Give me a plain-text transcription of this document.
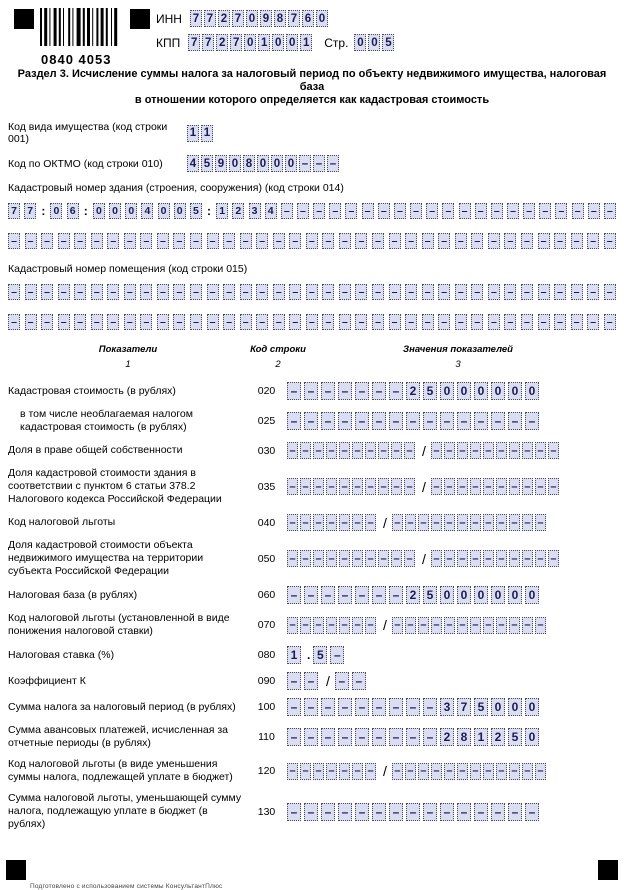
0840 4053
ИНН 7 7 2 7 0 9 8 7 6 0
КПП 7 7 2 7 0 1 0 0 1 Стр. 0 0 5
Раздел 3. Исчисление суммы налога за налоговый период по объекту недвижимого имущества, налоговая база
в отношении которого определяется как кадастровая стоимость
Код вида имущества (код строки 001)	1 1
Код по ОКТМО (код строки 010)	4 5 9 0 8 0 0 0 – – –
Кадастровый номер здания (строения, сооружения) (код строки 014)
7 7 : 0 6 : 0 0 0 4 0 0 5 : 1 2 3 4 – – – – – – – – – – – – – – – – – – – – –
– – – – – – – – – – – – – – – – – – – – – – – – – – – – – – – – – – – – –
Кадастровый номер помещения (код строки 015)
– – – – – – – – – – – – – – – – – – – – – – – – – – – – – – – – – – – – –
– – – – – – – – – – – – – – – – – – – – – – – – – – – – – – – – – – – – –
Показатели
1
Код строки
2
Значения показателей
3
Кадастровая стоимость (в рублях)	020	– – – – – – – 2 5 0 0 0 0 0 0
в том числе необлагаемая налогом кадастровая стоимость (в рублях)	025	– – – – – – – – – – – – – – –
Доля в праве общей собственности	030	– – – – – – – – – – / – – – – – – – – – –
Доля кадастровой стоимости здания в соответствии с пунктом 6 статьи 378.2 Налогового кодекса Российской Федерации
035	– – – – – – – – – – / – – – – – – – – – –
Код налоговой льготы	040	– – – – – – – / – – – – – – – – – – – –
Доля кадастровой стоимости объекта недвижимого имущества на территории субъекта Российской Федерации
050	– – – – – – – – – – / – – – – – – – – – –
Налоговая база (в рублях)	060	– – – – – – – 2 5 0 0 0 0 0 0
Код налоговой льготы (установленной в виде понижения налоговой ставки)	070	– – – – – – – / – – – – – – – – – – – –
Налоговая ставка (%)	080	1 . 5 –
Коэффициент К	090	– – / – –
Сумма налога за налоговый период (в рублях)	100	– – – – – – – – – 3 7 5 0 0 0
Сумма авансовых платежей, исчисленная за отчетные периоды (в рублях)	110	– – – – – – – – – 2 8 1 2 5 0
Код налоговой льготы (в виде уменьшения суммы налога, подлежащей уплате в бюджет)	120	– – – – – – – / – – – – – – – – – – – –
Сумма налоговой льготы, уменьшающей сумму налога, подлежащую уплате в бюджет (в рублях)
130	– – – – – – – – – – – – – – –
Подготовлено с использованием системы КонсультантПлюс
